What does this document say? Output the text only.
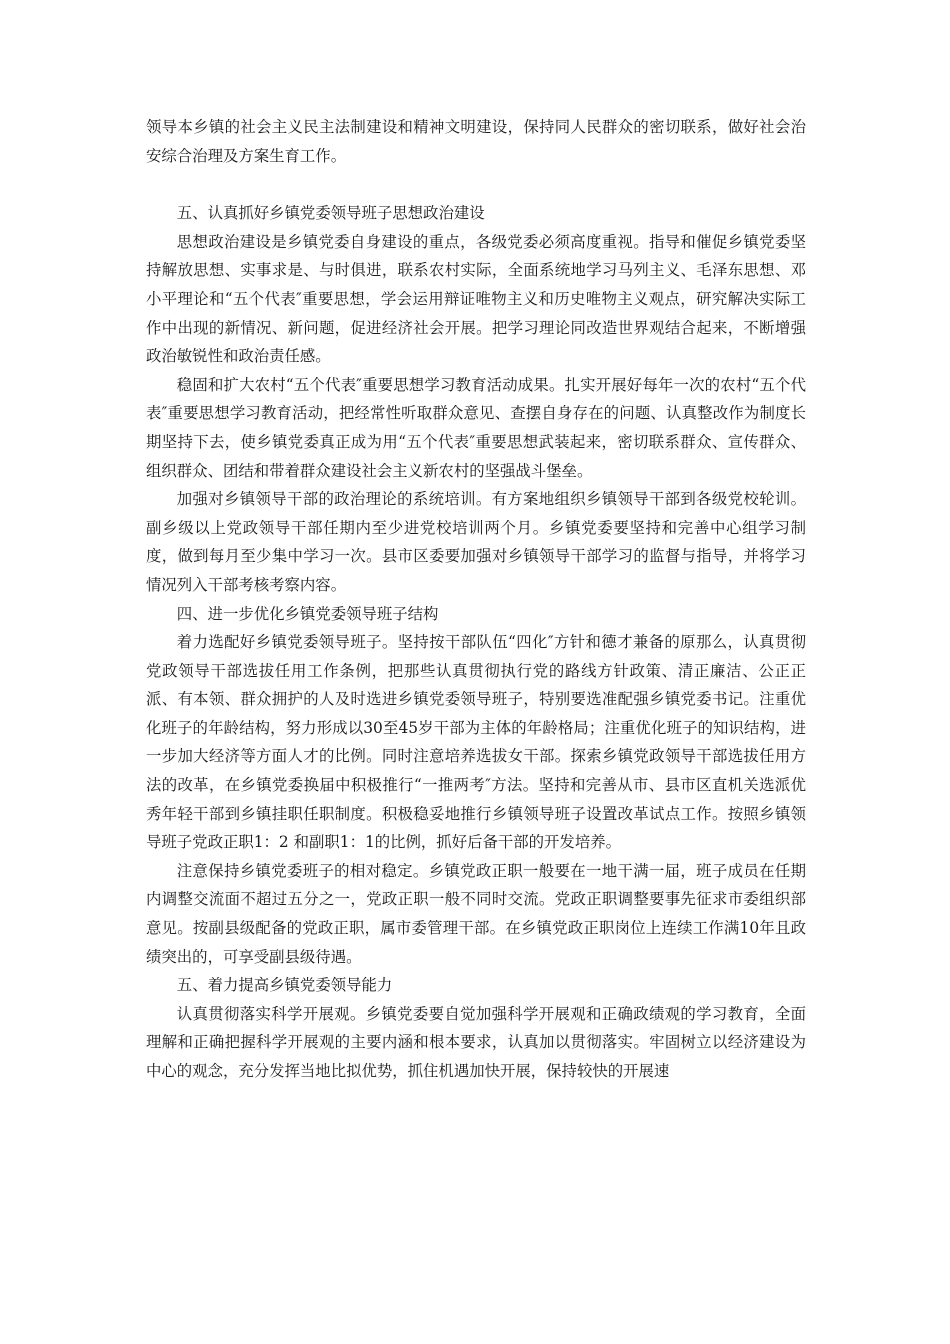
领导本乡镇的社会主义民主法制建设和精神文明建设，保持同人民群众的密切联系，做好社会治安综合治理及方案生育工作。

五、认真抓好乡镇党委领导班子思想政治建设

思想政治建设是乡镇党委自身建设的重点，各级党委必须高度重视。指导和催促乡镇党委坚持解放思想、实事求是、与时俱进，联系农村实际，全面系统地学习马列主义、毛泽东思想、邓小平理论和“五个代表″重要思想，学会运用辩证唯物主义和历史唯物主义观点，研究解决实际工作中出现的新情况、新问题，促进经济社会开展。把学习理论同改造世界观结合起来，不断增强政治敏锐性和政治责任感。

稳固和扩大农村“五个代表″重要思想学习教育活动成果。扎实开展好每年一次的农村“五个代表″重要思想学习教育活动，把经常性听取群众意见、查摆自身存在的问题、认真整改作为制度长期坚持下去，使乡镇党委真正成为用“五个代表″重要思想武装起来，密切联系群众、宣传群众、组织群众、团结和带着群众建设社会主义新农村的坚强战斗堡垒。

加强对乡镇领导干部的政治理论的系统培训。有方案地组织乡镇领导干部到各级党校轮训。副乡级以上党政领导干部任期内至少进党校培训两个月。乡镇党委要坚持和完善中心组学习制度，做到每月至少集中学习一次。县市区委要加强对乡镇领导干部学习的监督与指导，并将学习情况列入干部考核考察内容。

四、进一步优化乡镇党委领导班子结构

着力选配好乡镇党委领导班子。坚持按干部队伍“四化″方针和德才兼备的原那么，认真贯彻党政领导干部选拔任用工作条例，把那些认真贯彻执行党的路线方针政策、清正廉洁、公正正派、有本领、群众拥护的人及时选进乡镇党委领导班子，特别要选准配强乡镇党委书记。注重优化班子的年龄结构，努力形成以30至45岁干部为主体的年龄格局；注重优化班子的知识结构，进一步加大经济等方面人才的比例。同时注意培养选拔女干部。探索乡镇党政领导干部选拔任用方法的改革，在乡镇党委换届中积极推行“一推两考″方法。坚持和完善从市、县市区直机关选派优秀年轻干部到乡镇挂职任职制度。积极稳妥地推行乡镇领导班子设置改革试点工作。按照乡镇领导班子党政正职1：2 和副职1：1的比例，抓好后备干部的开发培养。

注意保持乡镇党委班子的相对稳定。乡镇党政正职一般要在一地干满一届，班子成员在任期内调整交流面不超过五分之一，党政正职一般不同时交流。党政正职调整要事先征求市委组织部意见。按副县级配备的党政正职，属市委管理干部。在乡镇党政正职岗位上连续工作满10年且政绩突出的，可享受副县级待遇。

五、着力提高乡镇党委领导能力

认真贯彻落实科学开展观。乡镇党委要自觉加强科学开展观和正确政绩观的学习教育，全面理解和正确把握科学开展观的主要内涵和根本要求，认真加以贯彻落实。牢固树立以经济建设为中心的观念，充分发挥当地比拟优势，抓住机遇加快开展，保持较快的开展速
